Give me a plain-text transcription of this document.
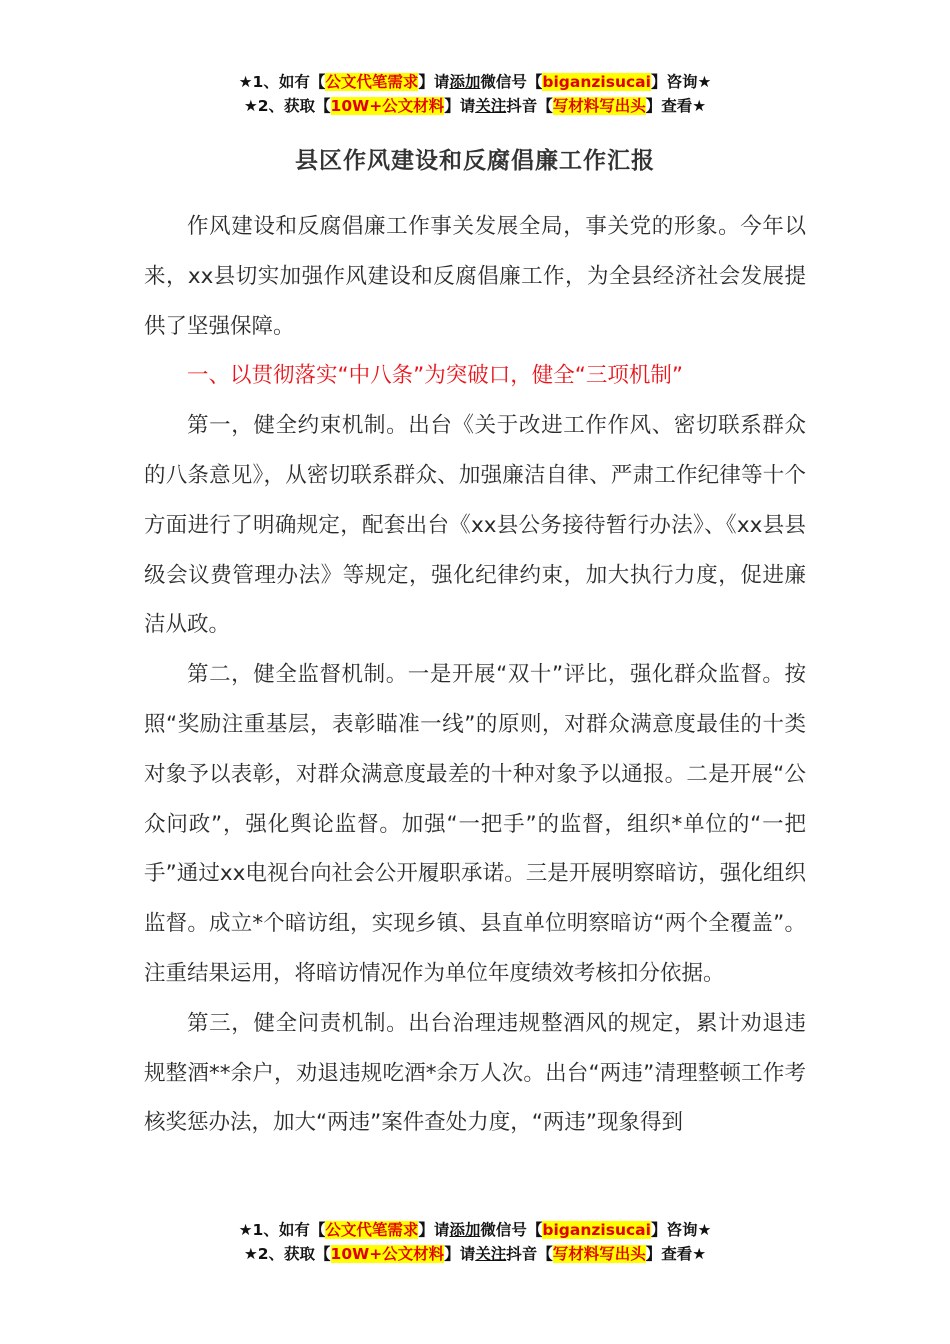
★1、如有【公文代笔需求】请添加微信号【biganzisucai】咨询★
★2、获取【10W+公文材料】请关注抖音【写材料写出头】查看★
县区作风建设和反腐倡廉工作汇报

作风建设和反腐倡廉工作事关发展全局，事关党的形象。今年以来，xx县切实加强作风建设和反腐倡廉工作，为全县经济社会发展提供了坚强保障。

一、以贯彻落实“中八条”为突破口，健全“三项机制”

第一，健全约束机制。出台《关于改进工作作风、密切联系群众的八条意见》，从密切联系群众、加强廉洁自律、严肃工作纪律等十个方面进行了明确规定，配套出台《xx县公务接待暂行办法》、《xx县县级会议费管理办法》等规定，强化纪律约束，加大执行力度，促进廉洁从政。

第二，健全监督机制。一是开展“双十”评比，强化群众监督。按照“奖励注重基层，表彰瞄准一线”的原则，对群众满意度最佳的十类对象予以表彰，对群众满意度最差的十种对象予以通报。二是开展“公众问政”，强化舆论监督。加强“一把手”的监督，组织*单位的“一把手”通过xx电视台向社会公开履职承诺。三是开展明察暗访，强化组织监督。成立*个暗访组，实现乡镇、县直单位明察暗访“两个全覆盖”。注重结果运用，将暗访情况作为单位年度绩效考核扣分依据。

第三，健全问责机制。出台治理违规整酒风的规定，累计劝退违规整酒**余户，劝退违规吃酒*余万人次。出台“两违”清理整顿工作考核奖惩办法，加大“两违”案件查处力度，“两违”现象得到

★1、如有【公文代笔需求】请添加微信号【biganzisucai】咨询★
★2、获取【10W+公文材料】请关注抖音【写材料写出头】查看★
